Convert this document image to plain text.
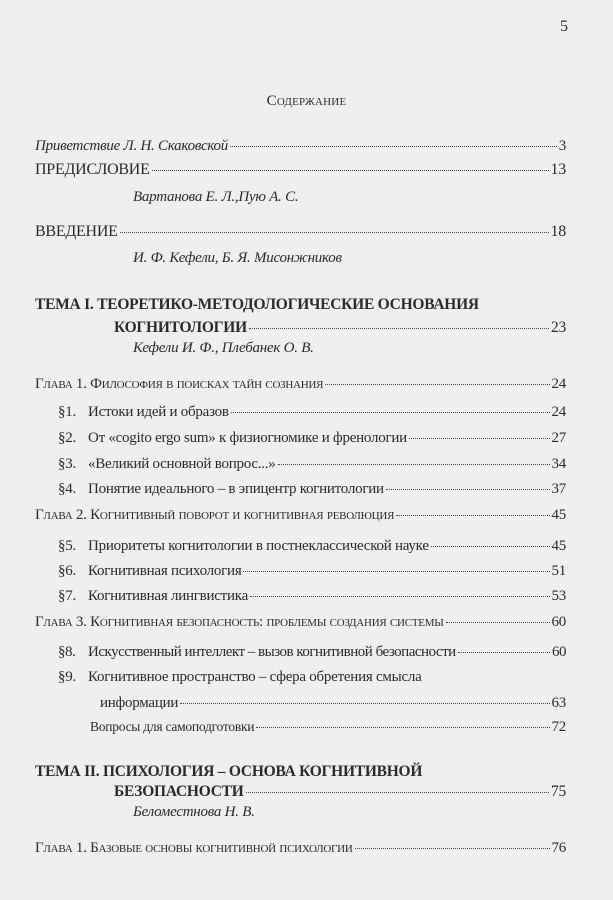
5
Содержание
Приветствие Л. Н. Скаковской	3
ПРЕДИСЛОВИЕ	13
Вартанова Е. Л.,Пую А. С.
ВВЕДЕНИЕ	18
И. Ф. Кефели, Б. Я. Мисонжников
ТЕМА I. ТЕОРЕТИКО-МЕТОДОЛОГИЧЕСКИЕ ОСНОВАНИЯ
КОГНИТОЛОГИИ	23
Кефели И. Ф., Плебанек О. В.
Глава 1. Философия в поисках тайн сознания	24
§1. Истоки идей и образов	24
§2. От «cogito ergo sum» к физиогномике и френологии	27
§3. «Великий основной вопрос...»	34
§4. Понятие идеального – в эпицентр когнитологии	37
Глава 2. Когнитивный поворот и когнитивная революция	45
§5. Приоритеты когнитологии в постнеклассической науке	45
§6. Когнитивная психология	51
§7. Когнитивная лингвистика	53
Глава 3. Когнитивная безопасность: проблемы создания системы	60
§8. Искусственный интеллект – вызов когнитивной безопасности	60
§9. Когнитивное пространство – сфера обретения смысла
информации	63
Вопросы для самоподготовки	72
ТЕМА II. ПСИХОЛОГИЯ – ОСНОВА КОГНИТИВНОЙ
БЕЗОПАСНОСТИ	75
Беломестнова Н. В.
Глава 1. Базовые основы когнитивной психологии	76
